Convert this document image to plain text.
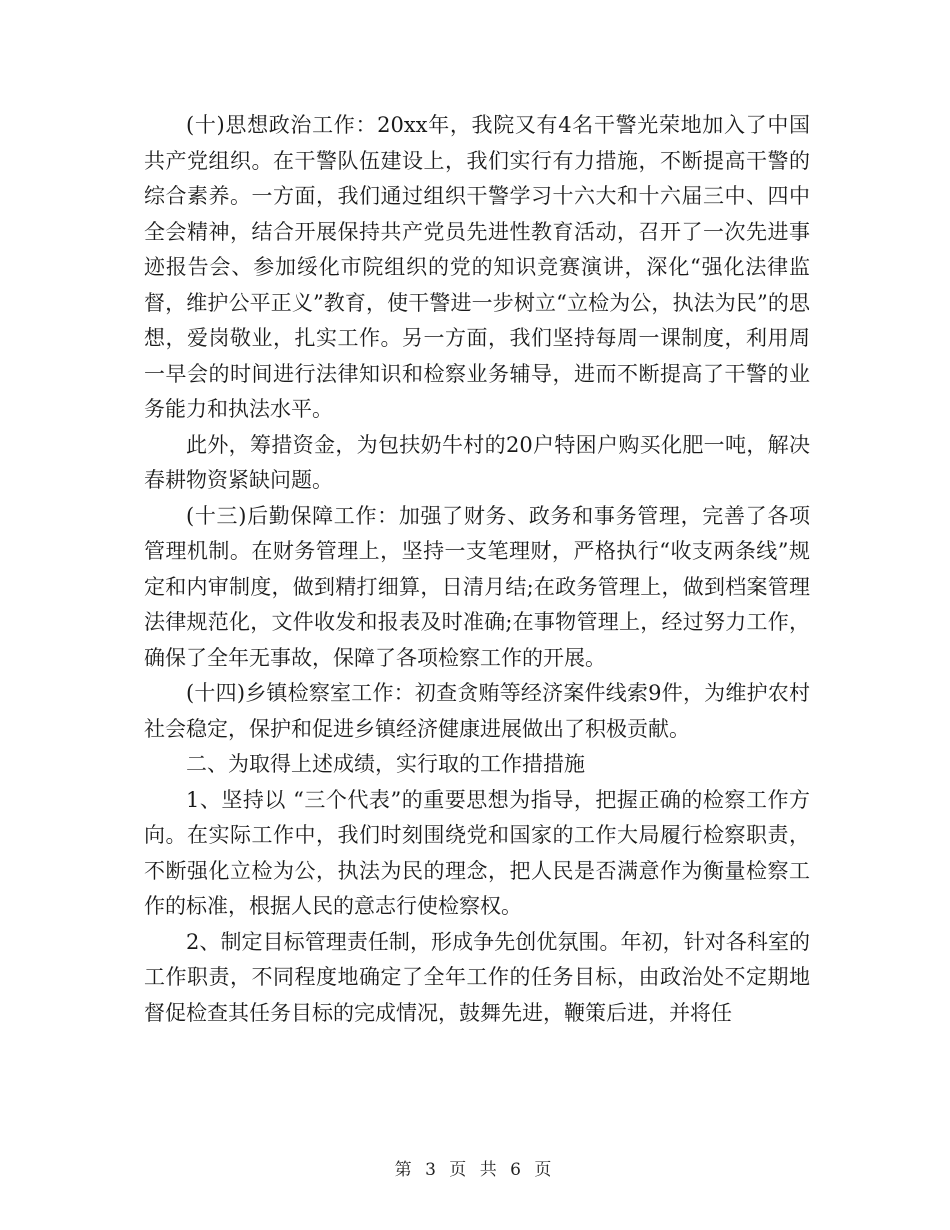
(十)思想政治工作：20xx年，我院又有4名干警光荣地加入了中国共产党组织。在干警队伍建设上，我们实行有力措施，不断提高干警的综合素养。一方面，我们通过组织干警学习十六大和十六届三中、四中全会精神，结合开展保持共产党员先进性教育活动，召开了一次先进事迹报告会、参加绥化市院组织的党的知识竞赛演讲，深化“强化法律监督，维护公平正义”教育，使干警进一步树立“立检为公，执法为民”的思想，爱岗敬业，扎实工作。另一方面，我们坚持每周一课制度，利用周一早会的时间进行法律知识和检察业务辅导，进而不断提高了干警的业务能力和执法水平。

此外，筹措资金，为包扶奶牛村的20户特困户购买化肥一吨，解决春耕物资紧缺问题。

(十三)后勤保障工作：加强了财务、政务和事务管理，完善了各项管理机制。在财务管理上，坚持一支笔理财，严格执行“收支两条线”规定和内审制度，做到精打细算，日清月结;在政务管理上，做到档案管理法律规范化，文件收发和报表及时准确;在事物管理上，经过努力工作，确保了全年无事故，保障了各项检察工作的开展。

(十四)乡镇检察室工作：初查贪贿等经济案件线索9件，为维护农村社会稳定，保护和促进乡镇经济健康进展做出了积极贡献。

二、为取得上述成绩，实行取的工作措措施

1、坚持以 “三个代表”的重要思想为指导，把握正确的检察工作方向。在实际工作中，我们时刻围绕党和国家的工作大局履行检察职责，不断强化立检为公，执法为民的理念，把人民是否满意作为衡量检察工作的标准，根据人民的意志行使检察权。

2、制定目标管理责任制，形成争先创优氛围。年初，针对各科室的工作职责，不同程度地确定了全年工作的任务目标，由政治处不定期地督促检查其任务目标的完成情况，鼓舞先进，鞭策后进，并将任

第 3 页 共 6 页
